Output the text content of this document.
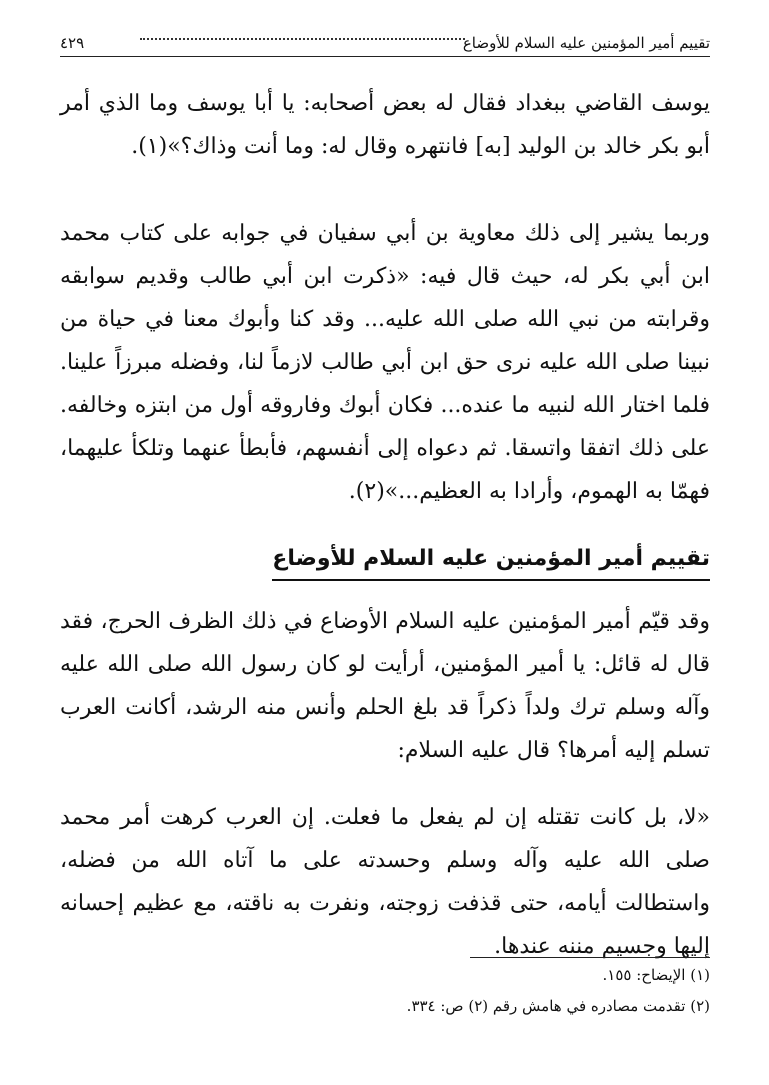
تقييم أمير المؤمنين عليه السلام للأوضاع
٤٢٩

يوسف القاضي ببغداد فقال له بعض أصحابه: يا أبا يوسف وما الذي أمر أبو بكر خالد بن الوليد [به] فانتهره وقال له: وما أنت وذاك؟»(١).

وربما يشير إلى ذلك معاوية بن أبي سفيان في جوابه على كتاب محمد ابن أبي بكر له، حيث قال فيه: «ذكرت ابن أبي طالب وقديم سوابقه وقرابته من نبي الله صلى الله عليه... وقد كنا وأبوك معنا في حياة من نبينا صلى الله عليه نرى حق ابن أبي طالب لازماً لنا، وفضله مبرزاً علينا. فلما اختار الله لنبيه ما عنده... فكان أبوك وفاروقه أول من ابتزه وخالفه. على ذلك اتفقا واتسقا. ثم دعواه إلى أنفسهم، فأبطأ عنهما وتلكأ عليهما، فهمّا به الهموم، وأرادا به العظيم...»(٢).

تقييم أمير المؤمنين عليه السلام للأوضاع

وقد قيّم أمير المؤمنين عليه السلام الأوضاع في ذلك الظرف الحرج، فقد قال له قائل: يا أمير المؤمنين، أرأيت لو كان رسول الله صلى الله عليه وآله وسلم ترك ولداً ذكراً قد بلغ الحلم وأنس منه الرشد، أكانت العرب تسلم إليه أمرها؟ قال عليه السلام:

«لا، بل كانت تقتله إن لم يفعل ما فعلت. إن العرب كرهت أمر محمد صلى الله عليه وآله وسلم وحسدته على ما آتاه الله من فضله، واستطالت أيامه، حتى قذفت زوجته، ونفرت به ناقته، مع عظيم إحسانه إليها وجسيم مننه عندها.

(١) الإيضاح: ١٥٥.

(٢) تقدمت مصادره في هامش رقم (٢) ص: ٣٣٤.
